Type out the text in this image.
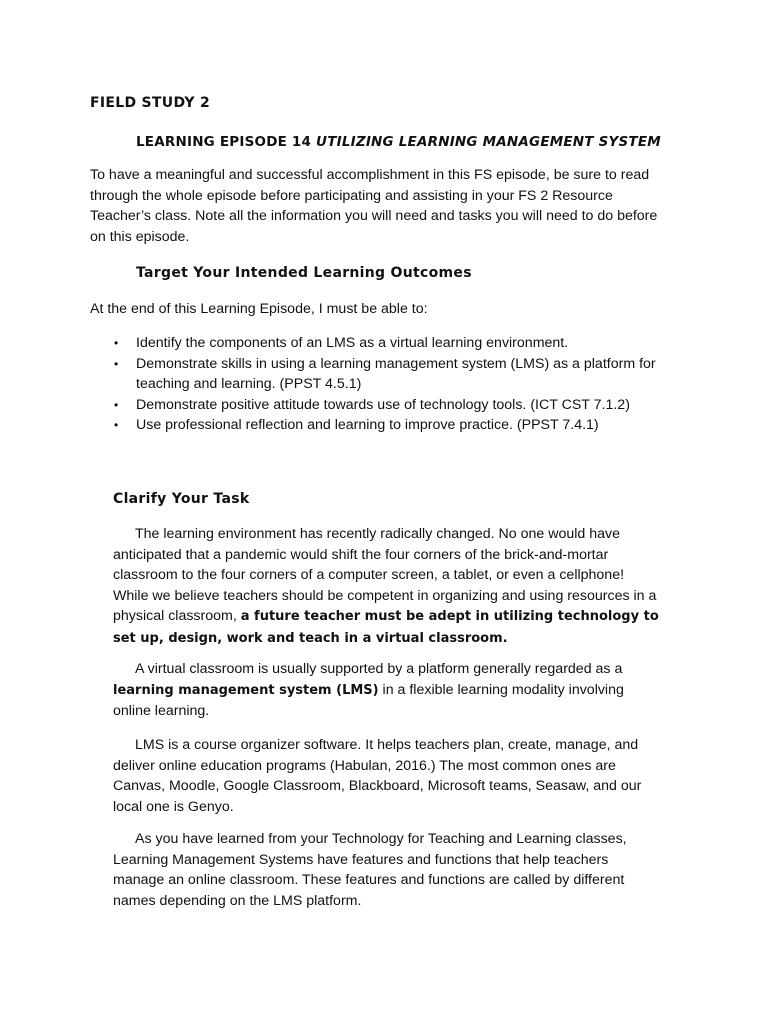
FIELD STUDY 2
LEARNING EPISODE 14 UTILIZING LEARNING MANAGEMENT SYSTEM

To have a meaningful and successful accomplishment in this FS episode, be sure to read through the whole episode before participating and assisting in your FS 2 Resource Teacher’s class. Note all the information you will need and tasks you will need to do before on this episode.

Target Your Intended Learning Outcomes

At the end of this Learning Episode, I must be able to:

• Identify the components of an LMS as a virtual learning environment.
• Demonstrate skills in using a learning management system (LMS) as a platform for teaching and learning. (PPST 4.5.1)
• Demonstrate positive attitude towards use of technology tools. (ICT CST 7.1.2)
• Use professional reflection and learning to improve practice. (PPST 7.4.1)
Clarify Your Task

The learning environment has recently radically changed. No one would have anticipated that a pandemic would shift the four corners of the brick-and-mortar classroom to the four corners of a computer screen, a tablet, or even a cellphone! While we believe teachers should be competent in organizing and using resources in a physical classroom, a future teacher must be adept in utilizing technology to set up, design, work and teach in a virtual classroom.

A virtual classroom is usually supported by a platform generally regarded as a learning management system (LMS) in a flexible learning modality involving online learning.

LMS is a course organizer software. It helps teachers plan, create, manage, and deliver online education programs (Habulan, 2016.) The most common ones are Canvas, Moodle, Google Classroom, Blackboard, Microsoft teams, Seasaw, and our local one is Genyo.

As you have learned from your Technology for Teaching and Learning classes, Learning Management Systems have features and functions that help teachers manage an online classroom. These features and functions are called by different names depending on the LMS platform.
